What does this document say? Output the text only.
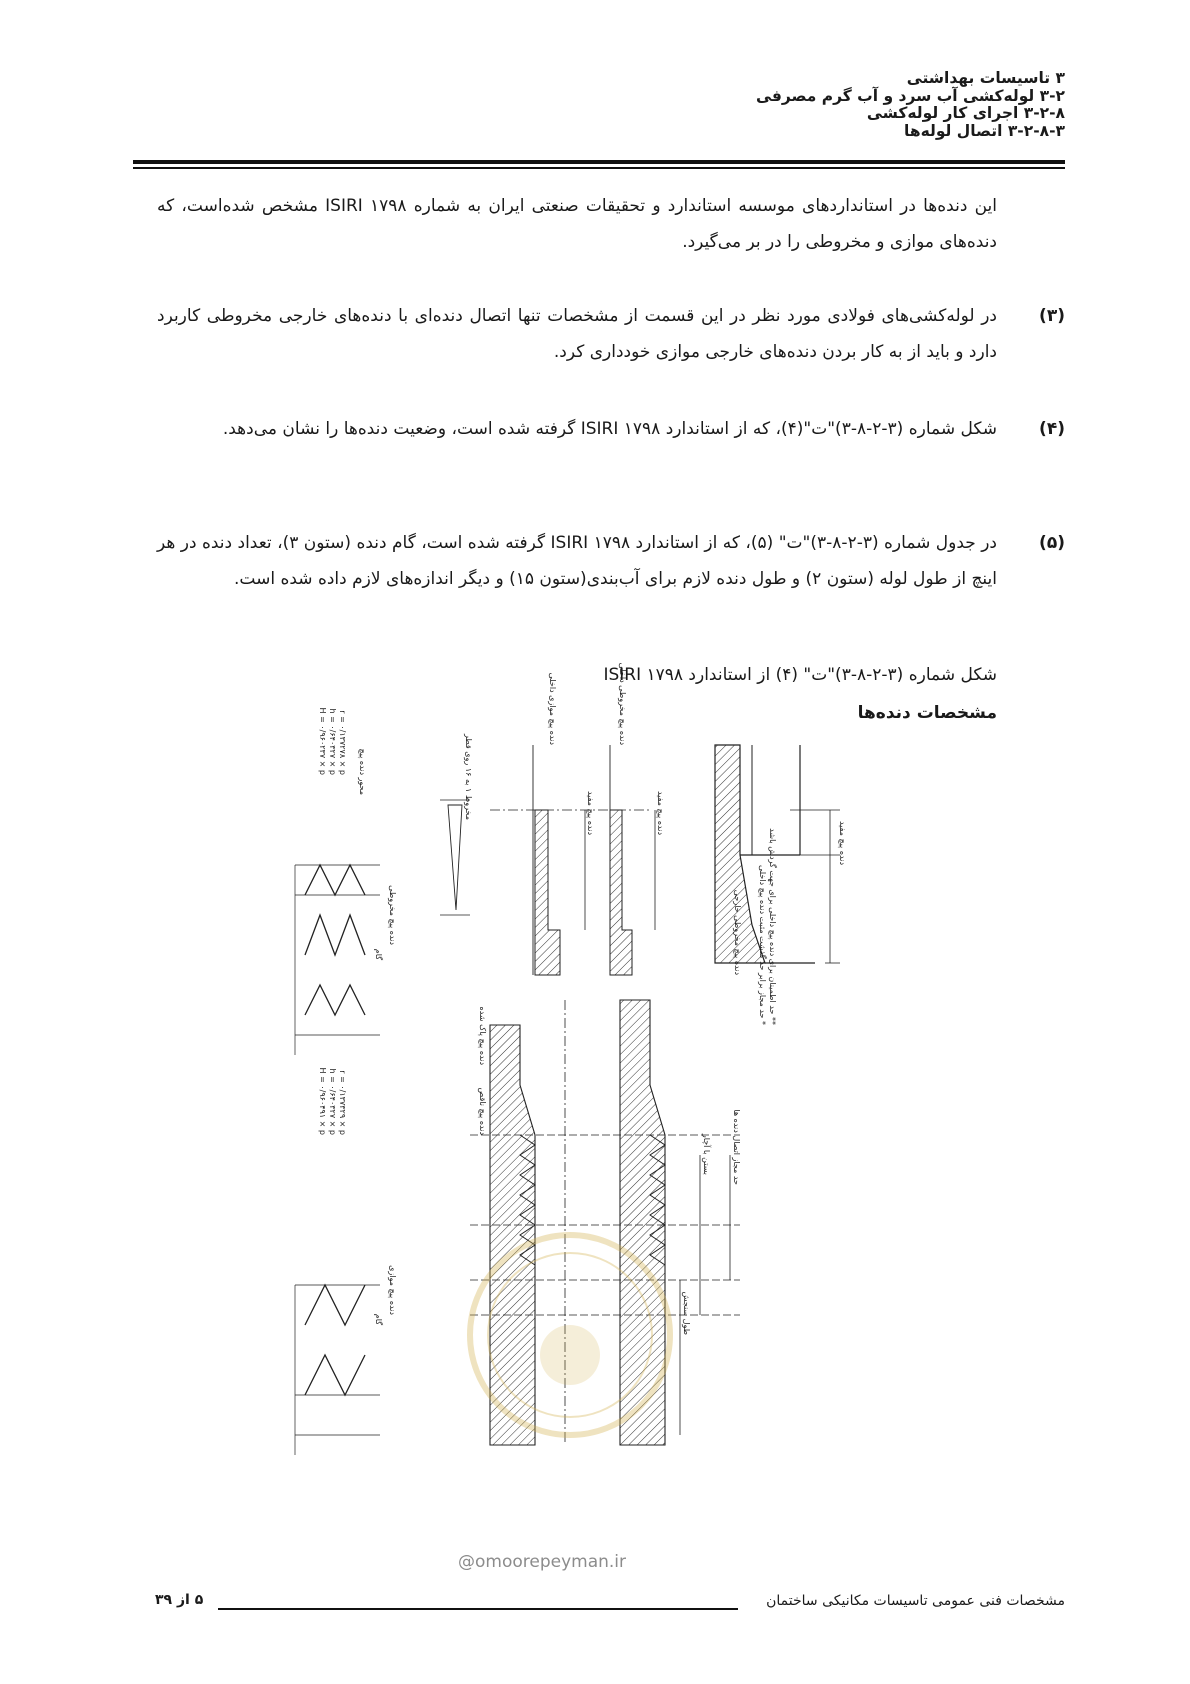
۳ تاسیسات بهداشتی
۳-۲ لوله‌کشی آب سرد و آب گرم مصرفی
۳-۲-۸ اجرای کار لوله‌کشی
۳-۲-۸-۳ اتصال لوله‌ها
این دنده‌ها در استانداردهای موسسه استاندارد و تحقیقات صنعتی ایران به شماره ISIRI ۱۷۹۸ مشخص شده‌است، که دنده‌های موازی و مخروطی را در بر می‌گیرد.
(۳)
در لوله‌کشی‌های فولادی مورد نظر در این قسمت از مشخصات تنها اتصال دنده‌ای با دنده‌های خارجی مخروطی کاربرد دارد و باید از به کار بردن دنده‌های خارجی موازی خودداری کرد.
(۴)
شکل شماره (۳-۲-۸-۳)"ت"(۴)، که از استاندارد ISIRI ۱۷۹۸ گرفته شده است، وضعیت دنده‌ها را نشان می‌دهد.
(۵)
در جدول شماره (۳-۲-۸-۳)"ت" (۵)، که از استاندارد ISIRI ۱۷۹۸ گرفته شده است، گام دنده (ستون ۳)، تعداد دنده در هر اینچ از طول لوله (ستون ۲) و طول دنده لازم برای آب‌بندی(ستون ۱۵) و دیگر اندازه‌های لازم داده شده است.
شکل شماره (۳-۲-۸-۳)"ت" (۴) از استاندارد ISIRI ۱۷۹۸
مشخصات دنده‌ها
دنده پیچ مفید
دنده پیچ مخروطی خارجی
دنده پیچ موازی داخلی	دنده پیچ مخروطی داخلی
دنده پیچ مفید	دنده پیچ مفید
مخروط ۱ به ۱۶ روی قطر
H = ۰/۹۶۰۲۳۷ × p h = ۰/۶۴۰۳۲۷ × p r = ۰/۱۳۷۲۷۸ × p محور دنده پیچ
دنده پیچ مخروطی
گام
H = ۰/۹۶۰۴۹۱ × p h = ۰/۶۴۰۳۲۷ × p r = ۰/۱۳۷۳۲۹ × p
دنده پیچ موازی
گام
دنده پیچ پاک شده
دنده پیچ ناقص
بستن با آچار	حد مجاز اتصال دنده ها
طول سنجش
* حد مجاز برابر حد گذشت مثبت دنده پیچ داخلی ** حد اطمینان برای دنده پیچ داخلی برای جهت گردش باشد
@omoorepeyman.ir
مشخصات فنی عمومی تاسیسات مکانیکی ساختمان
۵ از ۳۹
